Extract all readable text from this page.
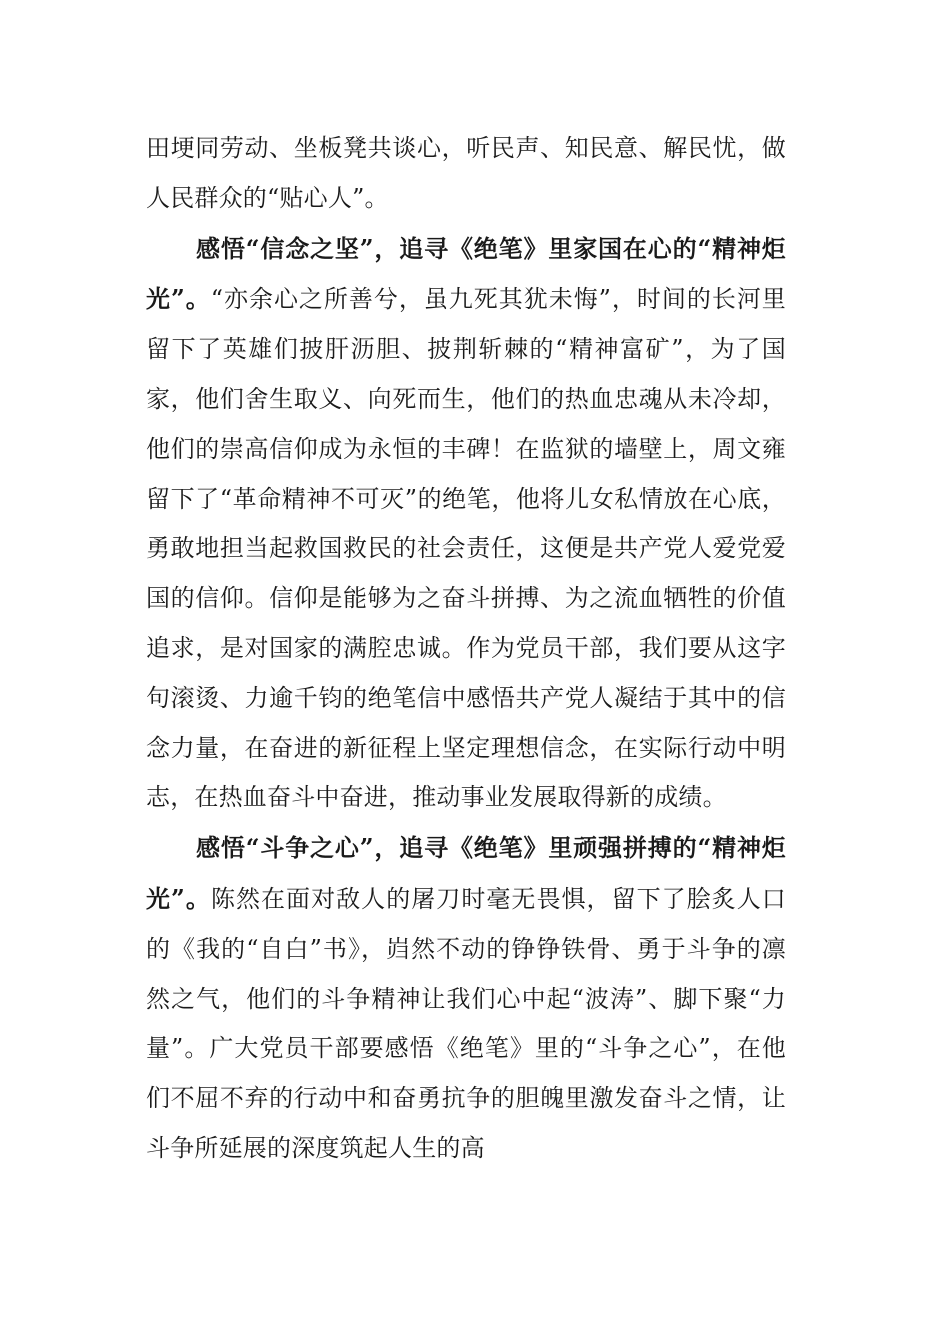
田埂同劳动、坐板凳共谈心，听民声、知民意、解民忧，做人民群众的“贴心人”。

感悟“信念之坚”，追寻《绝笔》里家国在心的“精神炬光”。“亦余心之所善兮，虽九死其犹未悔”，时间的长河里留下了英雄们披肝沥胆、披荆斩棘的“精神富矿”，为了国家，他们舍生取义、向死而生，他们的热血忠魂从未冷却，他们的崇高信仰成为永恒的丰碑！在监狱的墙壁上，周文雍留下了“革命精神不可灭”的绝笔，他将儿女私情放在心底，勇敢地担当起救国救民的社会责任，这便是共产党人爱党爱国的信仰。信仰是能够为之奋斗拼搏、为之流血牺牲的价值追求，是对国家的满腔忠诚。作为党员干部，我们要从这字句滚烫、力逾千钧的绝笔信中感悟共产党人凝结于其中的信念力量，在奋进的新征程上坚定理想信念，在实际行动中明志，在热血奋斗中奋进，推动事业发展取得新的成绩。

感悟“斗争之心”，追寻《绝笔》里顽强拼搏的“精神炬光”。陈然在面对敌人的屠刀时毫无畏惧，留下了脍炙人口的《我的“自白”书》，岿然不动的铮铮铁骨、勇于斗争的凛然之气，他们的斗争精神让我们心中起“波涛”、脚下聚“力量”。广大党员干部要感悟《绝笔》里的“斗争之心”，在他们不屈不弃的行动中和奋勇抗争的胆魄里激发奋斗之情，让斗争所延展的深度筑起人生的高
